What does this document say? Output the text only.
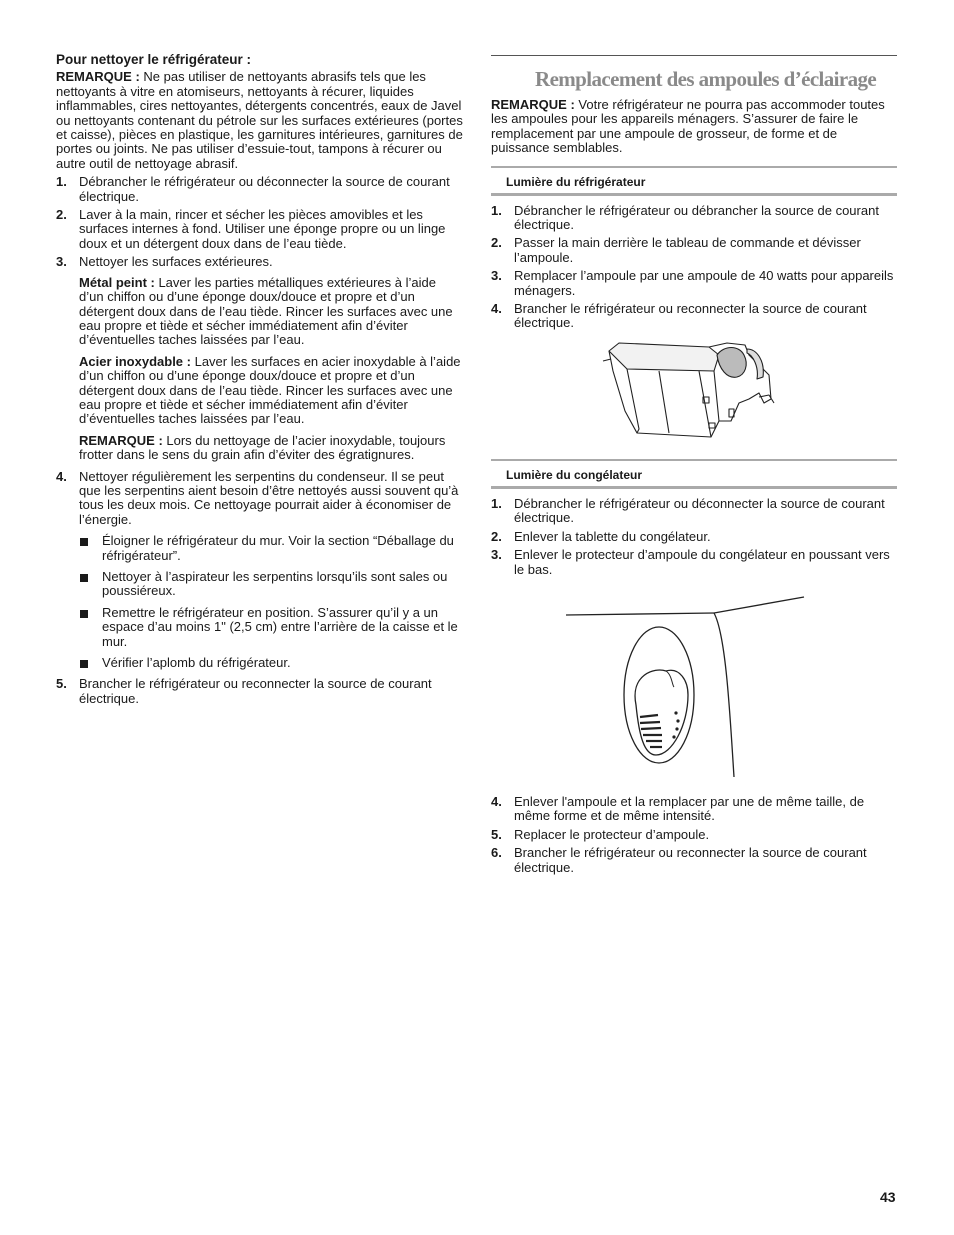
Pour nettoyer le réfrigérateur :

REMARQUE : Ne pas utiliser de nettoyants abrasifs tels que les nettoyants à vitre en atomiseurs, nettoyants à récurer, liquides inflammables, cires nettoyantes, détergents concentrés, eaux de Javel ou nettoyants contenant du pétrole sur les surfaces extérieures (portes et caisse), pièces en plastique, les garnitures intérieures, garnitures de portes ou joints. Ne pas utiliser d’essuie-tout, tampons à récurer ou autre outil de nettoyage abrasif.

1. Débrancher le réfrigérateur ou déconnecter la source de courant électrique.
2. Laver à la main, rincer et sécher les pièces amovibles et les surfaces internes à fond. Utiliser une éponge propre ou un linge doux et un détergent doux dans de l’eau tiède.
3. Nettoyer les surfaces extérieures.

Métal peint : Laver les parties métalliques extérieures à l’aide d’un chiffon ou d’une éponge doux/douce et propre et d’un détergent doux dans de l’eau tiède. Rincer les surfaces avec une eau propre et tiède et sécher immédiatement afin d’éviter d’éventuelles taches laissées par l’eau.

Acier inoxydable : Laver les surfaces en acier inoxydable à l’aide d’un chiffon ou d’une éponge doux/douce et propre et d’un détergent doux dans de l’eau tiède. Rincer les surfaces avec une eau propre et tiède et sécher immédiatement afin d’éviter d’éventuelles taches laissées par l’eau.

REMARQUE : Lors du nettoyage de l’acier inoxydable, toujours frotter dans le sens du grain afin d’éviter des égratignures.

4. Nettoyer régulièrement les serpentins du condenseur. Il se peut que les serpentins aient besoin d’être nettoyés aussi souvent qu’à tous les deux mois. Ce nettoyage pourrait aider à économiser de l’énergie.
Éloigner le réfrigérateur du mur. Voir la section “Déballage du réfrigérateur”.
Nettoyer à l’aspirateur les serpentins lorsqu’ils sont sales ou poussiéreux.
Remettre le réfrigérateur en position. S’assurer qu’il y a un espace d’au moins 1" (2,5 cm) entre l’arrière de la caisse et le mur.
Vérifier l’aplomb du réfrigérateur.
5. Brancher le réfrigérateur ou reconnecter la source de courant électrique.
Remplacement des ampoules d’éclairage

REMARQUE : Votre réfrigérateur ne pourra pas accommoder toutes les ampoules pour les appareils ménagers. S’assurer de faire le remplacement par une ampoule de grosseur, de forme et de puissance semblables.

Lumière du réfrigérateur
1. Débrancher le réfrigérateur ou débrancher la source de courant électrique.
2. Passer la main derrière le tableau de commande et dévisser l’ampoule.
3. Remplacer l’ampoule par une ampoule de 40 watts pour appareils ménagers.
4. Brancher le réfrigérateur ou reconnecter la source de courant électrique.
Lumière du congélateur
1. Débrancher le réfrigérateur ou déconnecter la source de courant électrique.
2. Enlever la tablette du congélateur.
3. Enlever le protecteur d’ampoule du congélateur en poussant vers le bas.
4. Enlever l'ampoule et la remplacer par une de même taille, de même forme et de même intensité.
5. Replacer le protecteur d’ampoule.
6. Brancher le réfrigérateur ou reconnecter la source de courant électrique.
43
